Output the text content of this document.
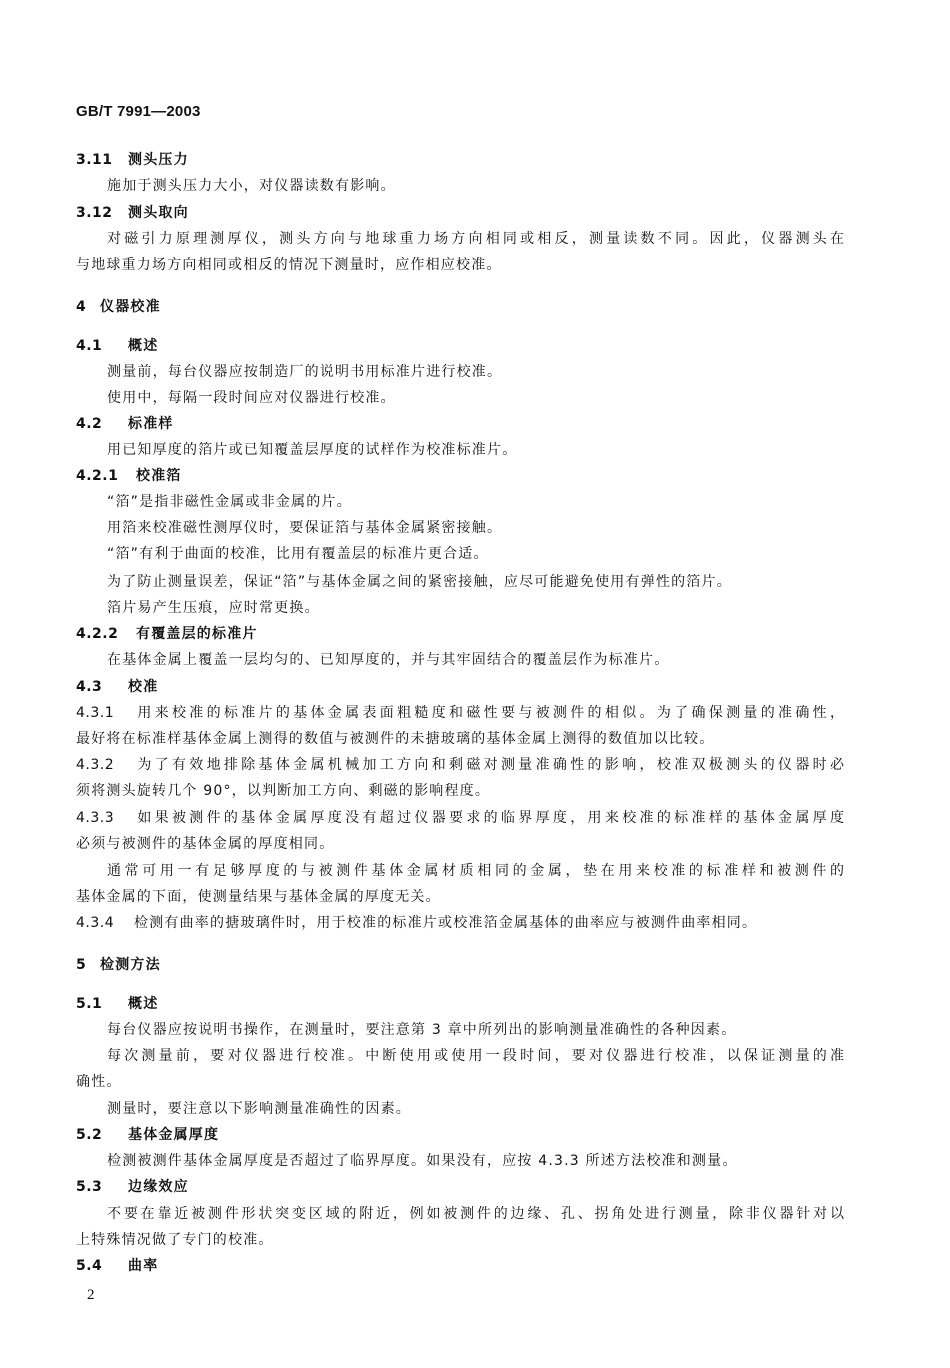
GB/T 7991—2003
3.11 测头压力
施加于测头压力大小，对仪器读数有影响。
3.12 测头取向
对磁引力原理测厚仪，测头方向与地球重力场方向相同或相反，测量读数不同。因此，仪器测头在
与地球重力场方向相同或相反的情况下测量时，应作相应校准。
4 仪器校准
4.1 概述
测量前，每台仪器应按制造厂的说明书用标准片进行校准。
使用中，每隔一段时间应对仪器进行校准。
4.2 标准样
用已知厚度的箔片或已知覆盖层厚度的试样作为校准标准片。
4.2.1 校准箔
“箔”是指非磁性金属或非金属的片。
用箔来校准磁性测厚仪时，要保证箔与基体金属紧密接触。
“箔”有利于曲面的校准，比用有覆盖层的标准片更合适。
为了防止测量误差，保证“箔”与基体金属之间的紧密接触，应尽可能避免使用有弹性的箔片。
箔片易产生压痕，应时常更换。
4.2.2 有覆盖层的标准片
在基体金属上覆盖一层均匀的、已知厚度的，并与其牢固结合的覆盖层作为标准片。
4.3 校准
4.3.1 用来校准的标准片的基体金属表面粗糙度和磁性要与被测件的相似。为了确保测量的准确性，
最好将在标准样基体金属上测得的数值与被测件的未搪玻璃的基体金属上测得的数值加以比较。
4.3.2 为了有效地排除基体金属机械加工方向和剩磁对测量准确性的影响，校准双极测头的仪器时必
须将测头旋转几个 90°，以判断加工方向、剩磁的影响程度。
4.3.3 如果被测件的基体金属厚度没有超过仪器要求的临界厚度，用来校准的标准样的基体金属厚度
必须与被测件的基体金属的厚度相同。
通常可用一有足够厚度的与被测件基体金属材质相同的金属，垫在用来校准的标准样和被测件的
基体金属的下面，使测量结果与基体金属的厚度无关。
4.3.4 检测有曲率的搪玻璃件时，用于校准的标准片或校准箔金属基体的曲率应与被测件曲率相同。
5 检测方法
5.1 概述
每台仪器应按说明书操作，在测量时，要注意第 3 章中所列出的影响测量准确性的各种因素。
每次测量前，要对仪器进行校准。中断使用或使用一段时间，要对仪器进行校准，以保证测量的准
确性。
测量时，要注意以下影响测量准确性的因素。
5.2 基体金属厚度
检测被测件基体金属厚度是否超过了临界厚度。如果没有，应按 4.3.3 所述方法校准和测量。
5.3 边缘效应
不要在靠近被测件形状突变区域的附近，例如被测件的边缘、孔、拐角处进行测量，除非仪器针对以
上特殊情况做了专门的校准。
5.4 曲率
2
